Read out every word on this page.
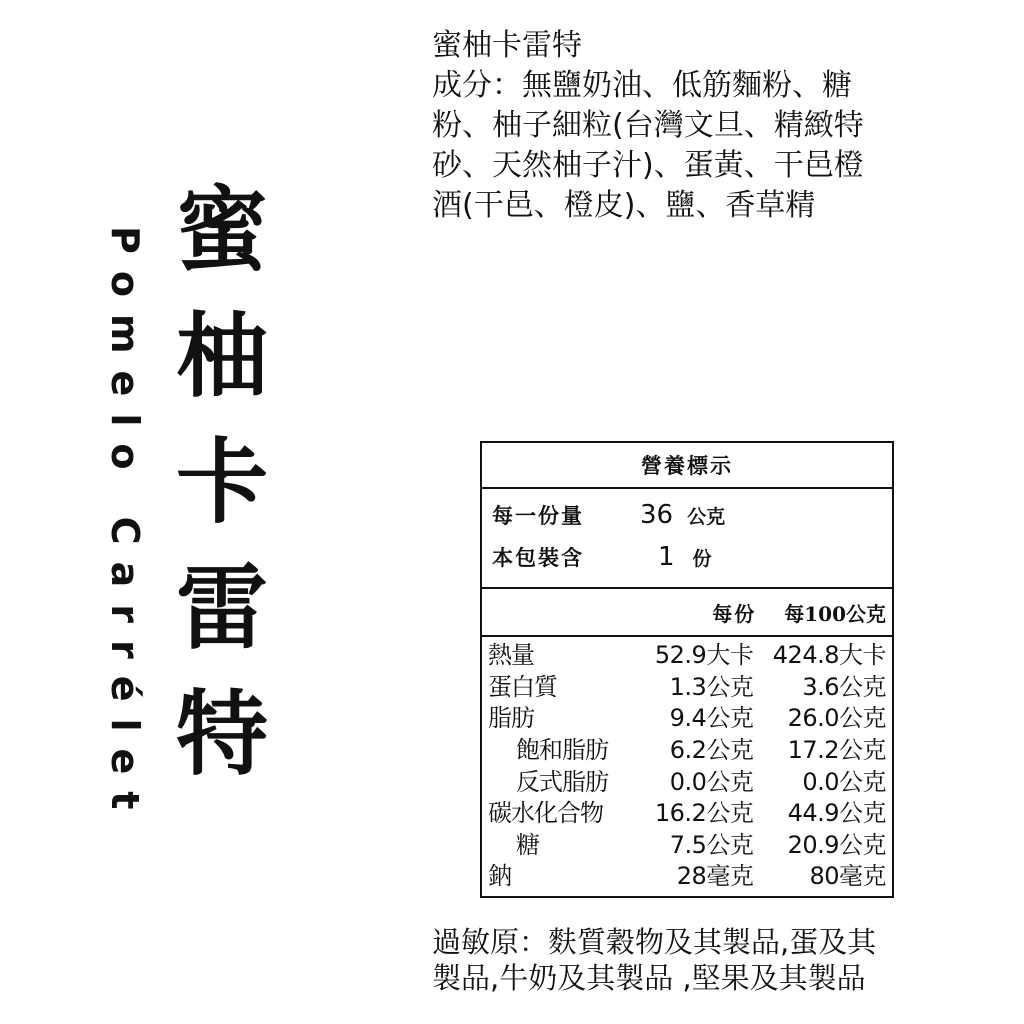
蜜
柚
卡
雷
特
Pomelo Carrélet
蜜柚卡雷特
成分：無鹽奶油、低筋麵粉、糖
粉、柚子細粒(台灣文旦、精緻特
砂、天然柚子汁)、蛋黃、干邑橙
酒(干邑、橙皮)、鹽、香草精
營養標示
每一份量	36 公克
本包裝含	1 份
每份 每100公克
熱量	52.9大卡 424.8大卡
蛋白質	1.3公克	3.6公克
脂肪	9.4公克	26.0公克
飽和脂肪	6.2公克	17.2公克
反式脂肪	0.0公克	0.0公克
碳水化合物	16.2公克	44.9公克
糖	7.5公克	20.9公克
鈉	28毫克	80毫克
過敏原：麩質穀物及其製品,蛋及其
製品,牛奶及其製品 ,堅果及其製品
